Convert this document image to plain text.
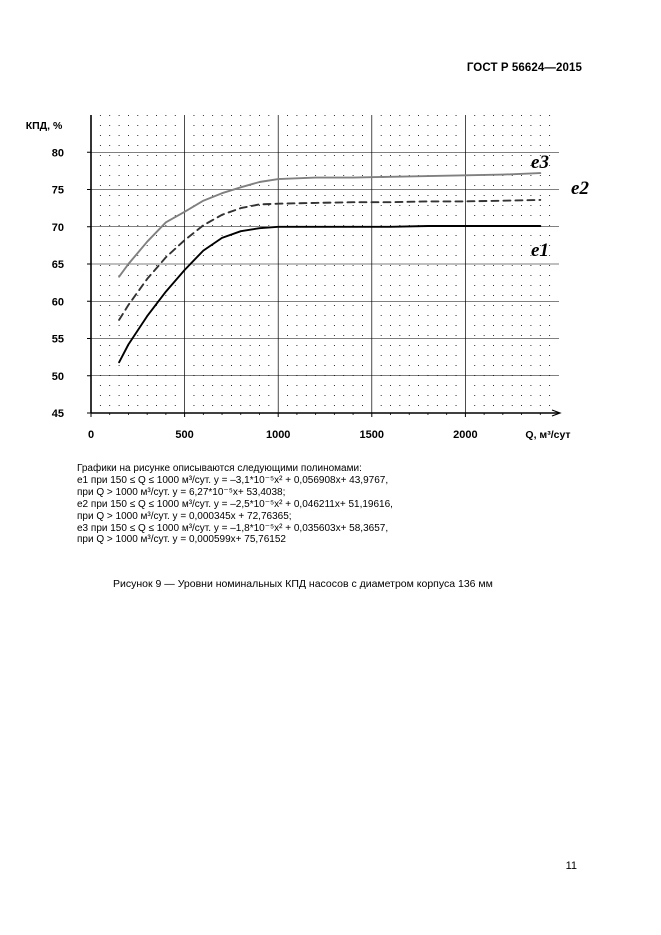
ГОСТ Р 56624—2015
45
50
55
60
65
70
75
80
0	500	1000	1500	2000
КПД, %
Q, м³/сут
е1
е2
е3
Графики на рисунке описываются следующими полиномами:
е1 при 150 ≤ Q ≤ 1000 м³/сут. y = –3,1*10⁻⁵x² + 0,056908x+ 43,9767,
при Q > 1000 м³/сут. y = 6,27*10⁻⁵x+ 53,4038;
е2 при 150 ≤ Q ≤ 1000 м³/сут. y = –2,5*10⁻⁵x² + 0,046211x+ 51,19616,
при Q > 1000 м³/сут. y = 0,000345x + 72,76365;
е3 при 150 ≤ Q ≤ 1000 м³/сут. y = –1,8*10⁻⁵x² + 0,035603x+ 58,3657,
при Q > 1000 м³/сут. y = 0,000599x+ 75,76152
Рисунок 9 — Уровни номинальных КПД насосов с диаметром корпуса 136 мм
11
